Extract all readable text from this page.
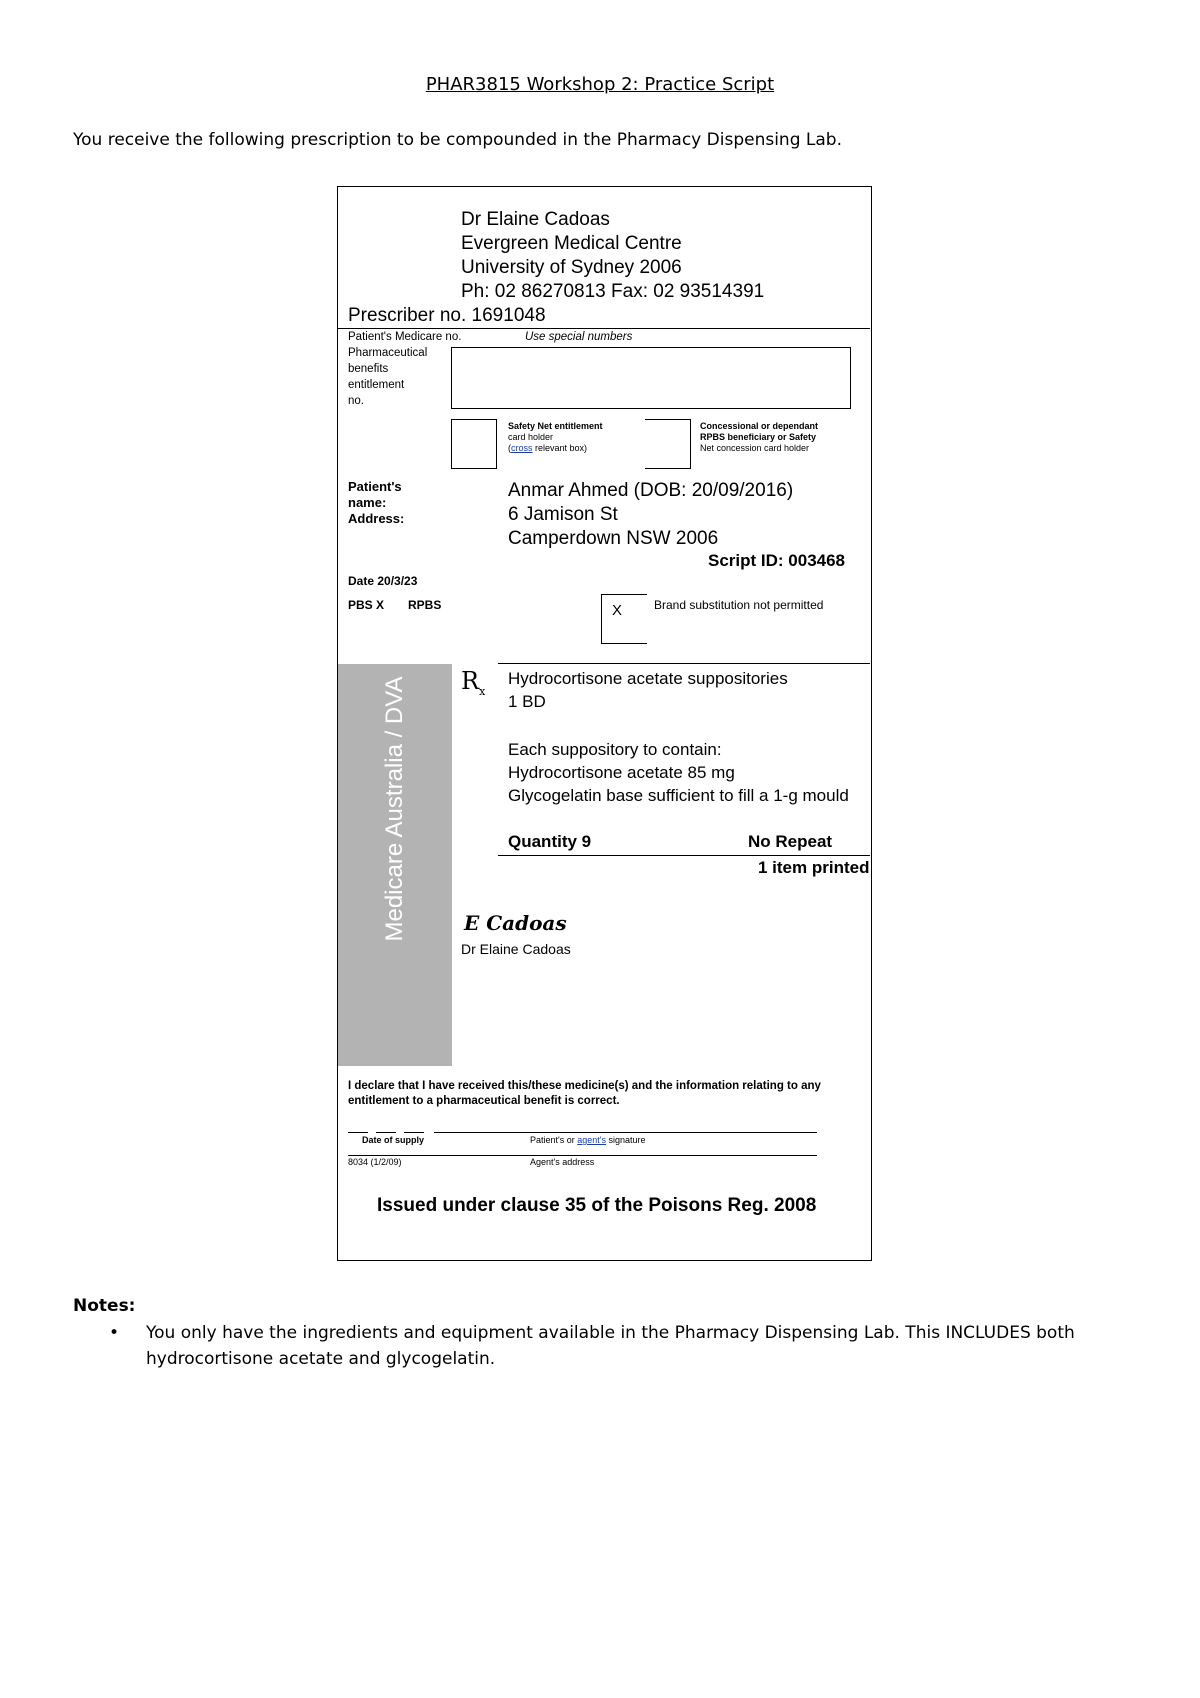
PHAR3815 Workshop 2: Practice Script
You receive the following prescription to be compounded in the Pharmacy Dispensing Lab.
Dr Elaine Cadoas
Evergreen Medical Centre
University of Sydney 2006
Ph: 02 86270813 Fax: 02 93514391
Prescriber no. 1691048
Patient's Medicare no.	Use special numbers
Pharmaceutical
benefits
entitlement
no.
Safety Net entitlement
card holder
(cross relevant box)
Concessional or dependant
RPBS beneficiary or Safety
Net concession card holder
Patient's
name:
Address:
Anmar Ahmed (DOB: 20/09/2016)
6 Jamison St
Camperdown NSW 2006
Script ID: 003468
Date 20/3/23
PBS X RPBS	X	Brand substitution not permitted
Medicare Australia / DVA $R_x$
Hydrocortisone acetate suppositories
1 BD
Each suppository to contain:
Hydrocortisone acetate 85 mg
Glycogelatin base sufficient to fill a 1-g mould
Quantity 9	No Repeat
1 item printed
E Cadoas
Dr Elaine Cadoas
I declare that I have received this/these medicine(s) and the information relating to any
entitlement to a pharmaceutical benefit is correct.
Date of supply	Patient's or agent's signature
8034 (1/2/09)	Agent's address
Issued under clause 35 of the Poisons Reg. 2008
Notes:
• You only have the ingredients and equipment available in the Pharmacy Dispensing Lab. This INCLUDES both hydrocortisone acetate and glycogelatin.
